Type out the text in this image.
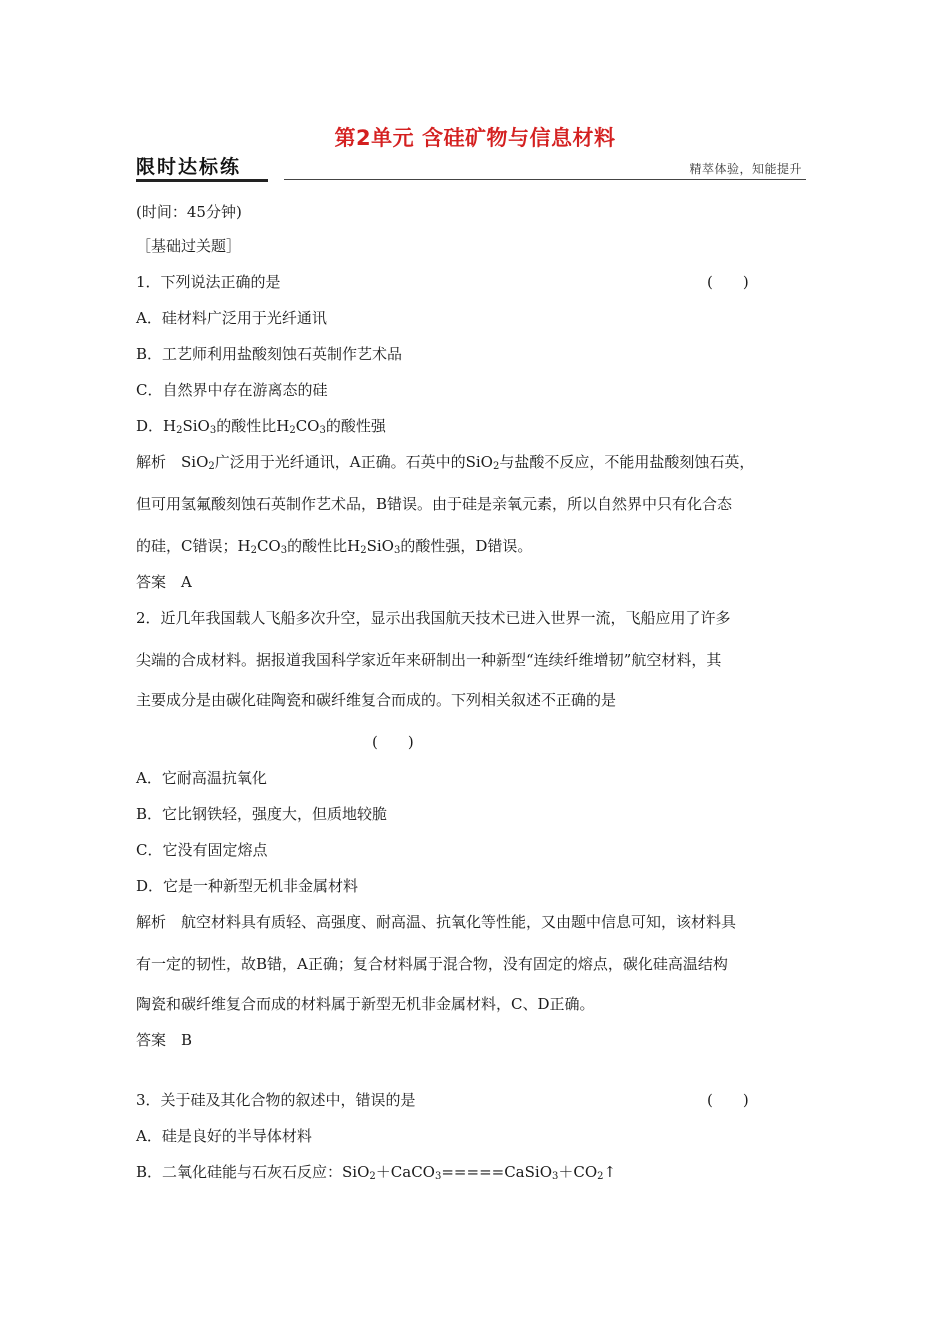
第2单元 含硅矿物与信息材料
限时达标练	精萃体验，知能提升
(时间：45分钟)
［基础过关题］
1．下列说法正确的是	(　　)
A．硅材料广泛用于光纤通讯
B．工艺师利用盐酸刻蚀石英制作艺术品
C．自然界中存在游离态的硅
D．$H_2SiO_3$的酸性比$H_2CO_3$的酸性强
解析　SiO$_2$广泛用于光纤通讯，A正确。石英中的SiO$_2$与盐酸不反应，不能用盐酸刻蚀石英，
但可用氢氟酸刻蚀石英制作艺术品，B错误。由于硅是亲氧元素，所以自然界中只有化合态
的硅，C错误；$H_2CO_3$的酸性比$H_2SiO_3$的酸性强，D错误。
答案　A
2．近几年我国载人飞船多次升空，显示出我国航天技术已进入世界一流，飞船应用了许多
尖端的合成材料。据报道我国科学家近年来研制出一种新型“连续纤维增韧”航空材料，其
主要成分是由碳化硅陶瓷和碳纤维复合而成的。下列相关叙述不正确的是
(　　)
A．它耐高温抗氧化
B．它比钢铁轻，强度大，但质地较脆
C．它没有固定熔点
D．它是一种新型无机非金属材料
解析　航空材料具有质轻、高强度、耐高温、抗氧化等性能，又由题中信息可知，该材料具
有一定的韧性，故B错，A正确；复合材料属于混合物，没有固定的熔点，碳化硅高温结构
陶瓷和碳纤维复合而成的材料属于新型无机非金属材料，C、D正确。
答案　B
3．关于硅及其化合物的叙述中，错误的是	(　　)
A．硅是良好的半导体材料
B．二氧化硅能与石灰石反应：$SiO_2+CaCO_3=====CaSiO_3+CO_2↑$
